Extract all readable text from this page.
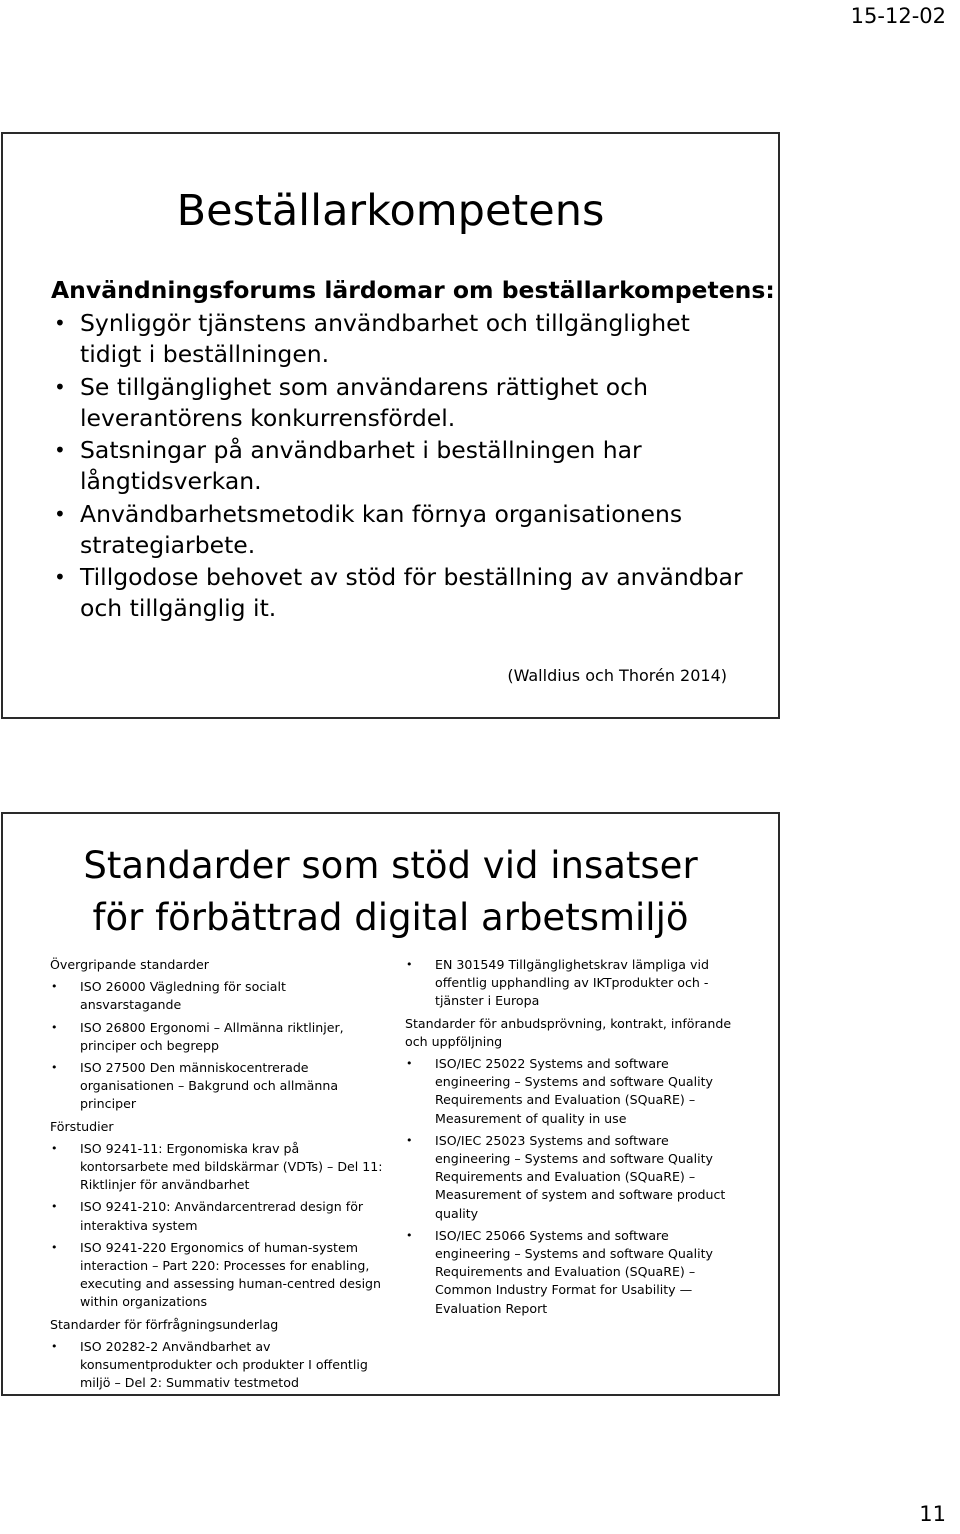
15-12-02
Beställarkompetens

Användningsforums lärdomar om beställarkompetens:

• Synliggör tjänstens användbarhet och tillgänglighet tidigt i beställningen.
• Se tillgänglighet som användarens rättighet och leverantörens konkurrensfördel.
• Satsningar på användbarhet i beställningen har långtidsverkan.
• Användbarhetsmetodik kan förnya organisationens strategiarbete.
• Tillgodose behovet av stöd för beställning av användbar och tillgänglig it.
(Walldius och Thorén 2014)
Standarder som stöd vid insatser
för förbättrad digital arbetsmiljö

Övergripande standarder

• ISO 26000 Vägledning för socialt ansvarstagande
• ISO 26800 Ergonomi – Allmänna riktlinjer, principer och begrepp
• ISO 27500 Den människocentrerade organisationen – Bakgrund och allmänna principer

Förstudier

• ISO 9241-11: Ergonomiska krav på kontorsarbete med bildskärmar (VDTs) – Del 11: Riktlinjer för användbarhet
• ISO 9241-210: Användarcentrerad design för interaktiva system
• ISO 9241-220 Ergonomics of human-system interaction – Part 220: Processes for enabling, executing and assessing human-centred design within organizations

Standarder för förfrågningsunderlag

• ISO 20282-2 Användbarhet av konsumentprodukter och produkter I offentlig miljö – Del 2: Summativ testmetod
• EN 301549 Tillgänglighetskrav lämpliga vid offentlig upphandling av IKTprodukter och -tjänster i Europa

Standarder för anbudsprövning, kontrakt, införande och uppföljning

• ISO/IEC 25022 Systems and software engineering – Systems and software Quality Requirements and Evaluation (SQuaRE) – Measurement of quality in use
• ISO/IEC 25023 Systems and software engineering – Systems and software Quality Requirements and Evaluation (SQuaRE) – Measurement of system and software product quality
• ISO/IEC 25066 Systems and software engineering – Systems and software Quality Requirements and Evaluation (SQuaRE) – Common Industry Format for Usability — Evaluation Report
11
